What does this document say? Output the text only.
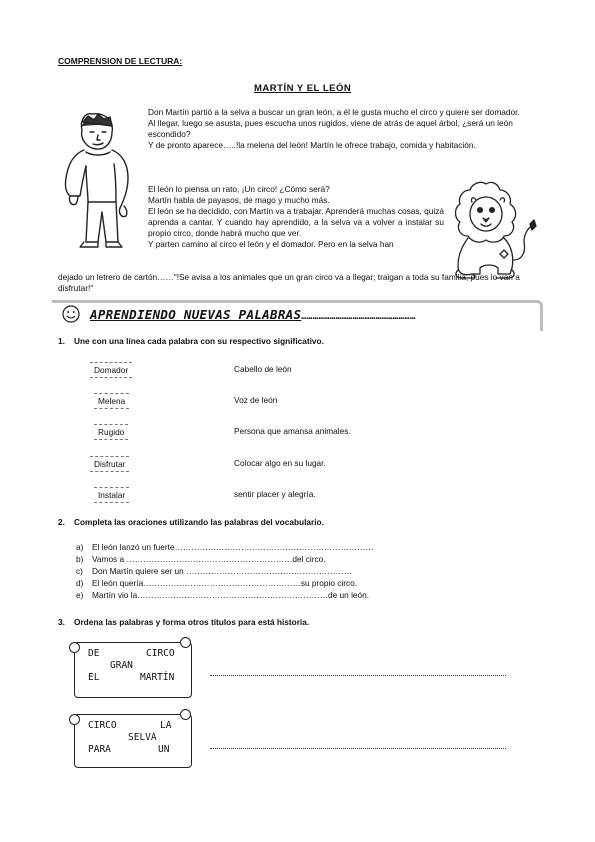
COMPRENSION DE LECTURA:
MARTÍN Y EL LEÓN

Don Martín partió a la selva a buscar un gran león, a él le gusta mucho el circo y quiere ser domador.

Al llegar, luego se asusta, pues escucha unos rugidos, viene de atrás de aquel árbol, ¿será un león escondido?

Y de pronto aparece…..!la melena del león! Martín le ofrece trabajo, comida y habitación.

El león lo piensa un rato, ¡Un circo! ¿Cómo será?

Martín habla de payasos, de mago y mucho más.

El león se ha decidido, con Martín va a trabajar. Aprenderá muchas cosas, quizá aprenda a cantar. Y cuando hay aprendido, a la selva va a volver a instalar su propio circo, donde habrá mucho que ver.

Y parten camino al circo el león y el domador. Pero en la selva han

dejado un letrero de cartón……"!Se avisa a los animales que un gran circo va a llegar; traigan a toda su familia, pues lo van a disfrutar!"

APRENDIENDO NUEVAS PALABRAS……………………………………………………
1. Une con una línea cada palabra con su respectivo significativo.
Domador
Melena
Rugido
Disfrutar
Instalar
Cabello de león
Voz de león
Persona que amansa animales.
Colocar algo en su lugar.
sentir placer y alegría.
2. Completa las oraciones utilizando las palabras del vocabulario.
a) El león lanzó un fuerte………………………………………………………………
b) Vamos a ……………………………………………………del circo.
c) Don Martín quiere ser un ……………………………………………………
d) El león quería…………………………………………………su propio circo.
e) Martín vio la……………………………………………………………de un león.
3. Ordena las palabras y forma otros títulos para está historia.
DE	CIRCO
GRAN
EL	MARTÍN
CIRCO	LA
SELVA
PARA	UN
